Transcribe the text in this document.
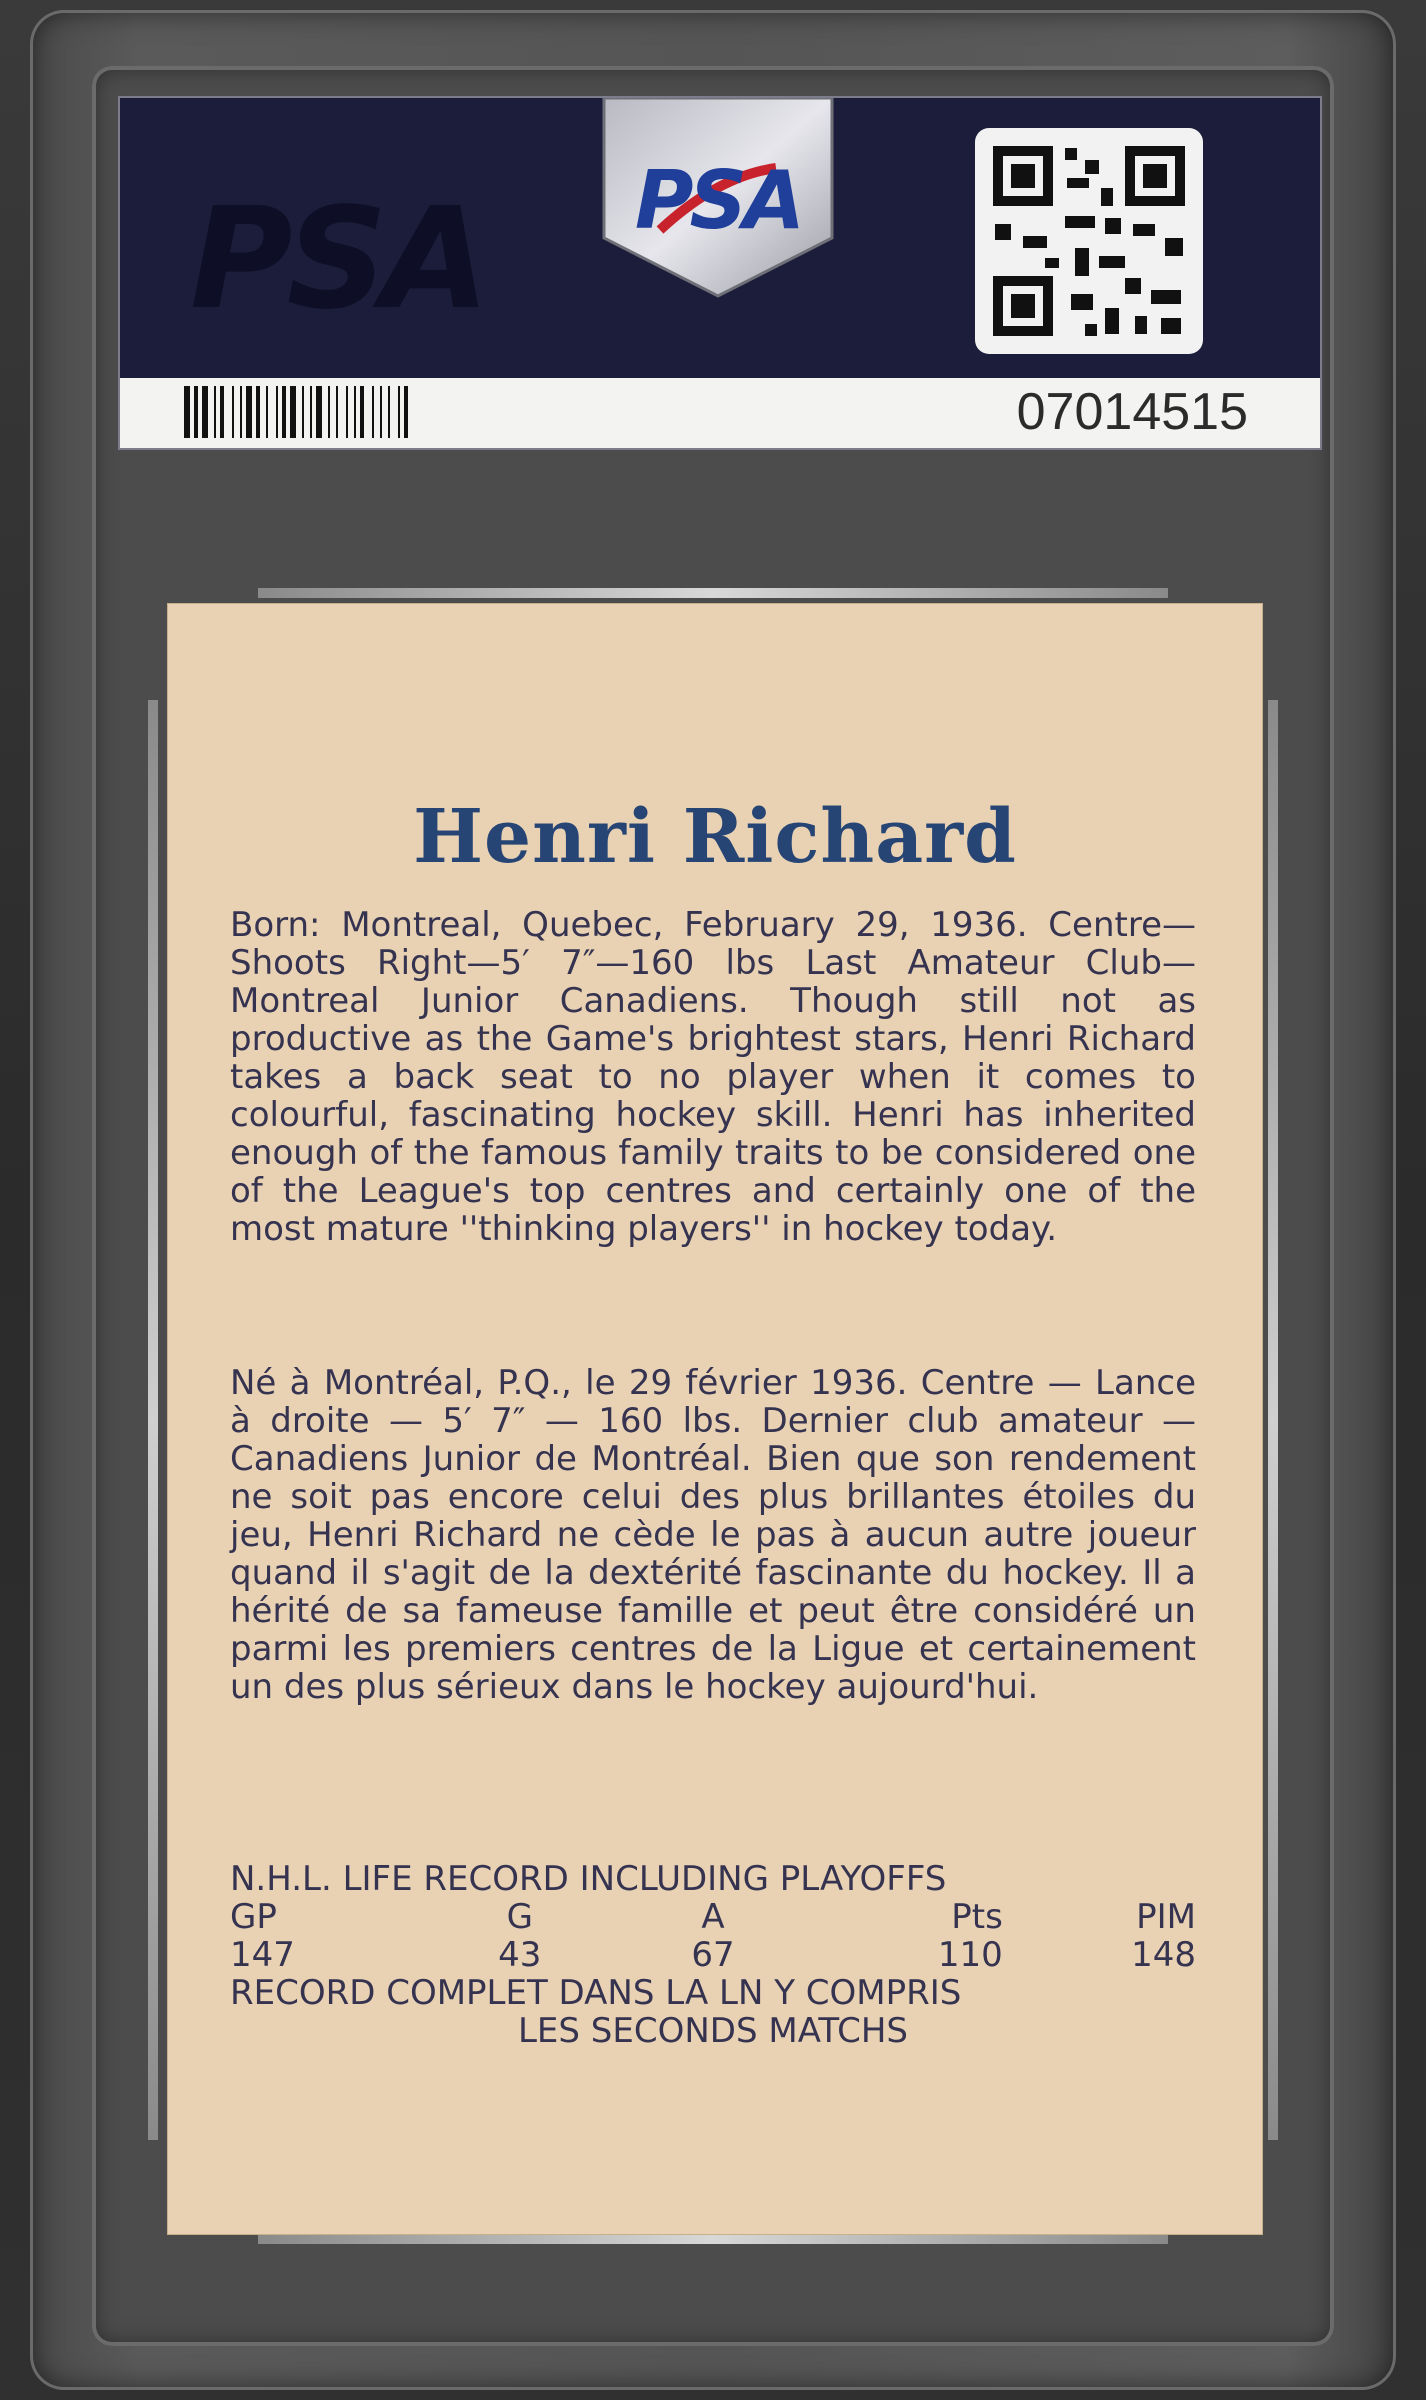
PSA PSA
07014515
Henri Richard

Born: Montreal, Quebec, February 29, 1936. Centre—Shoots Right—5′ 7″—160 lbs Last Amateur Club—Montreal Junior Canadiens. Though still not as productive as the Game's brightest stars, Henri Richard takes a back seat to no player when it comes to colourful, fascinating hockey skill. Henri has inherited enough of the famous family traits to be considered one of the League's top centres and certainly one of the most mature ''thinking players'' in hockey today.

Né à Montréal, P.Q., le 29 février 1936. Centre — Lance à droite — 5′ 7″ — 160 lbs. Dernier club amateur — Canadiens Junior de Montréal. Bien que son rendement ne soit pas encore celui des plus brillantes étoiles du jeu, Henri Richard ne cède le pas à aucun autre joueur quand il s'agit de la dextérité fascinante du hockey. Il a hérité de sa fameuse famille et peut être considéré un parmi les premiers centres de la Ligue et certainement un des plus sérieux dans le hockey aujourd'hui.

N.H.L. LIFE RECORD INCLUDING PLAYOFFS
GP	G	A	Pts	PIM
147	43	67	110	148
RECORD COMPLET DANS LA LN Y COMPRIS
LES SECONDS MATCHS
